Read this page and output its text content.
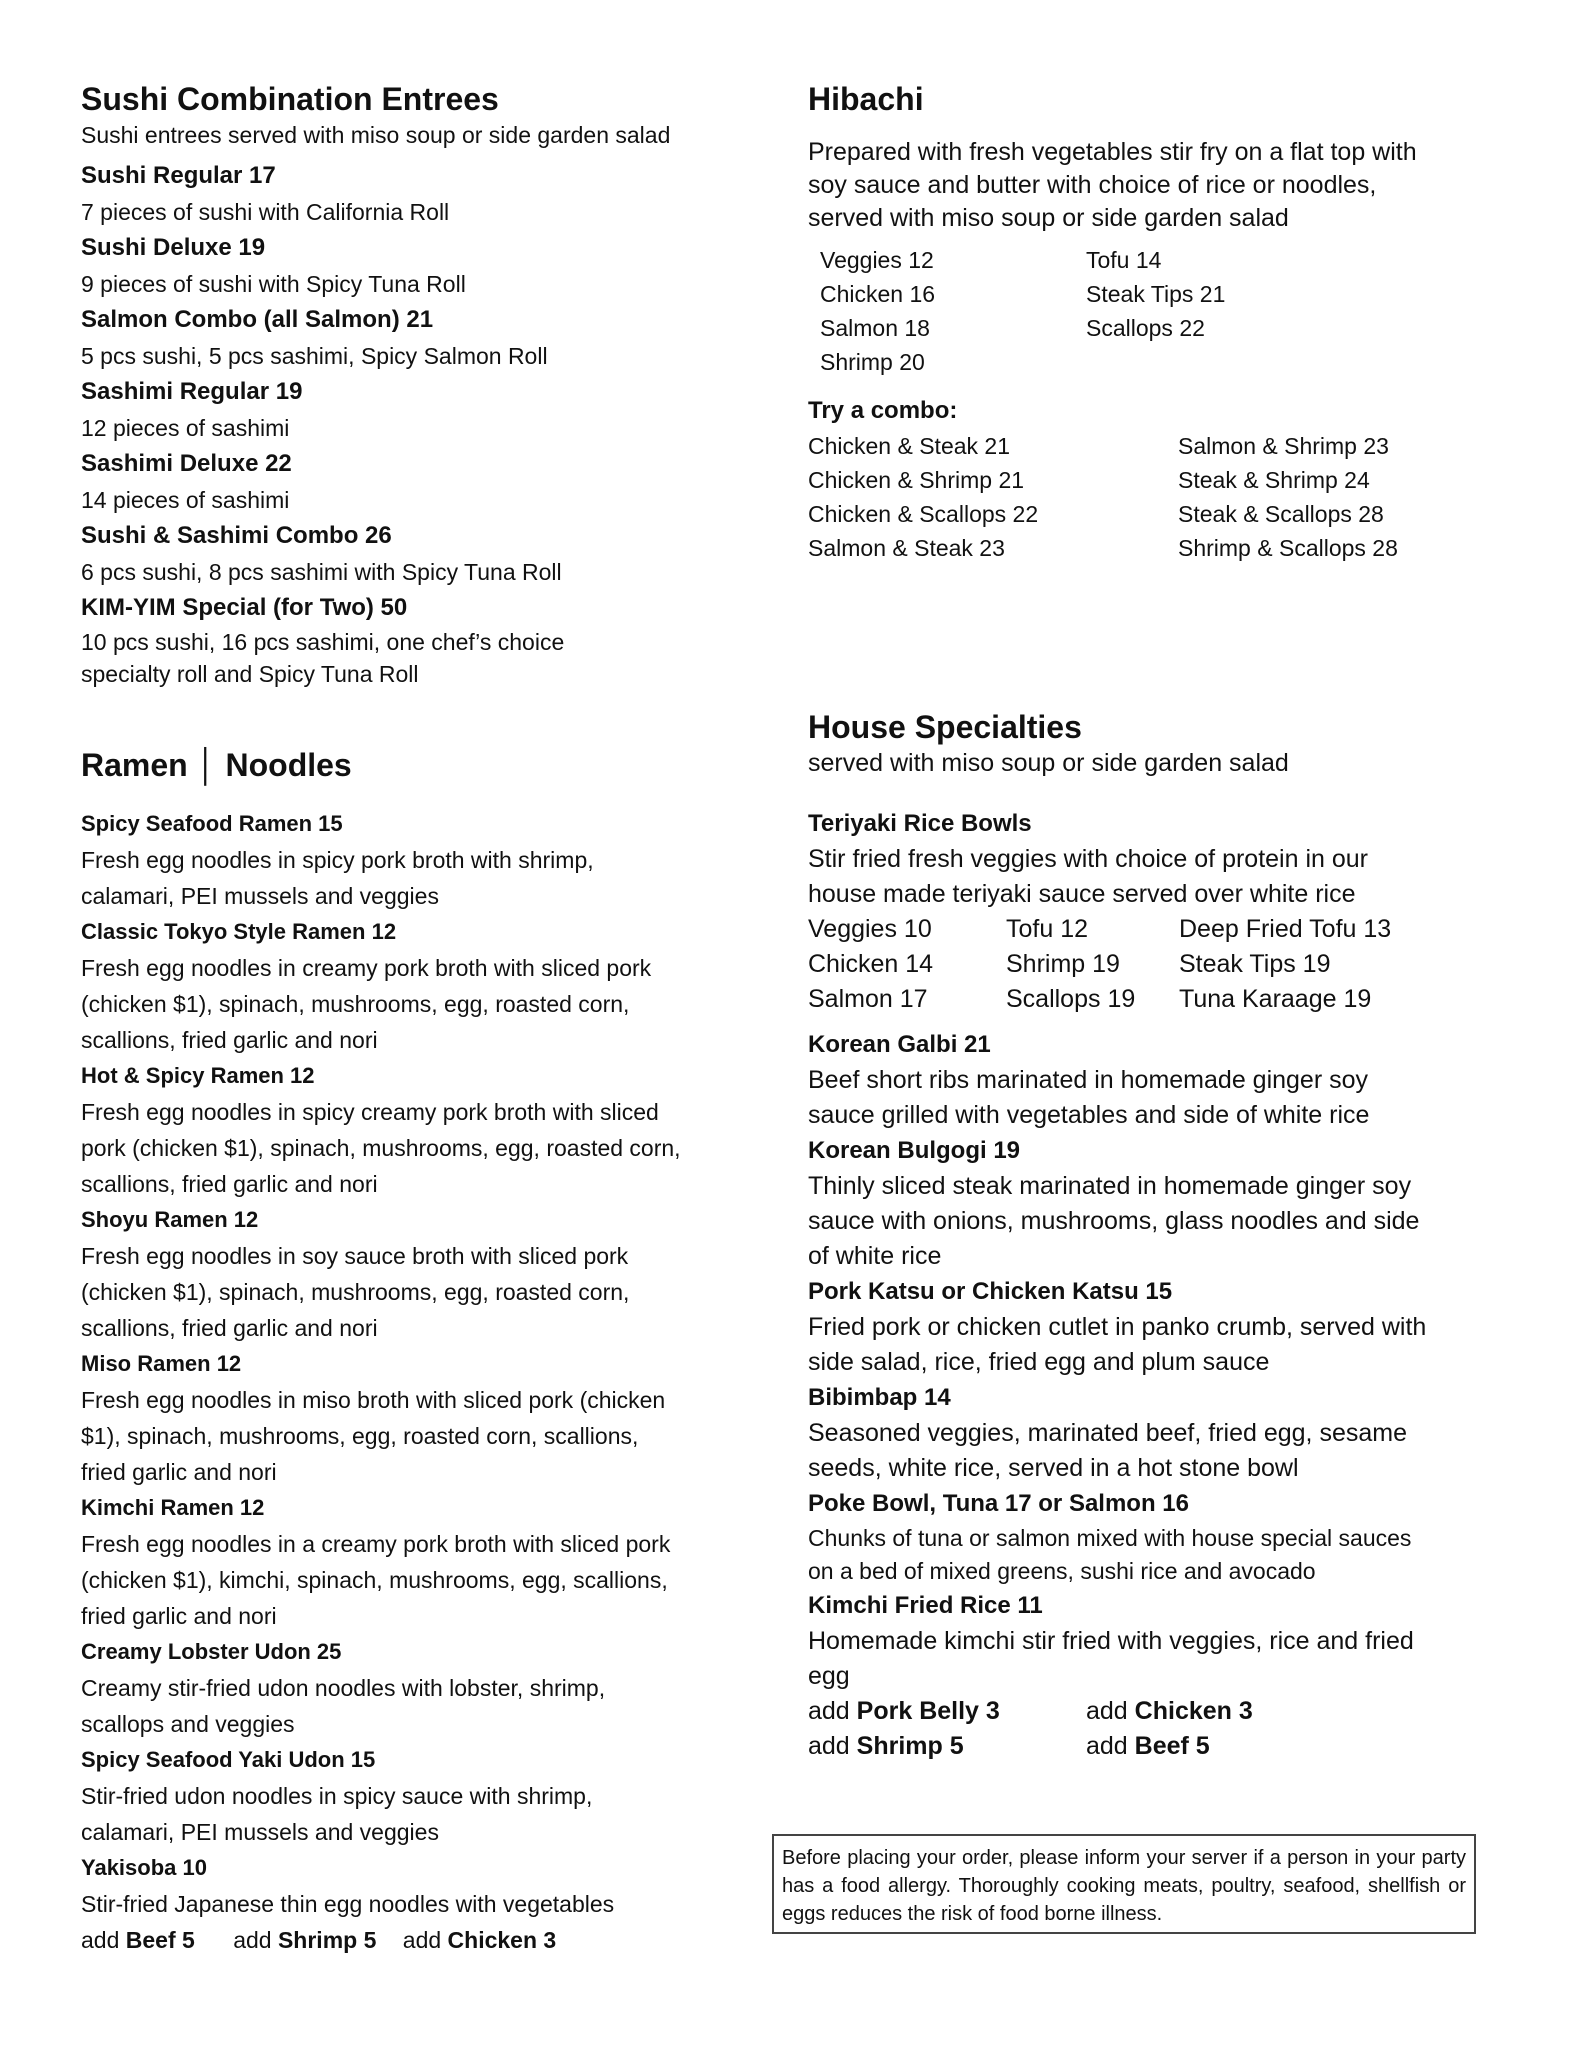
Sushi Combination Entrees
Sushi entrees served with miso soup or side garden salad
Sushi Regular 17
7 pieces of sushi with California Roll
Sushi Deluxe 19
9 pieces of sushi with Spicy Tuna Roll
Salmon Combo (all Salmon) 21
5 pcs sushi, 5 pcs sashimi, Spicy Salmon Roll
Sashimi Regular 19
12 pieces of sashimi
Sashimi Deluxe 22
14 pieces of sashimi
Sushi & Sashimi Combo 26
6 pcs sushi, 8 pcs sashimi with Spicy Tuna Roll
KIM-YIM Special (for Two) 50
10 pcs sushi, 16 pcs sashimi, one chef’s choice specialty roll and Spicy Tuna Roll
Ramen │ Noodles
Spicy Seafood Ramen 15
Fresh egg noodles in spicy pork broth with shrimp, calamari, PEI mussels and veggies
Classic Tokyo Style Ramen 12
Fresh egg noodles in creamy pork broth with sliced pork (chicken $1), spinach, mushrooms, egg, roasted corn, scallions, fried garlic and nori
Hot & Spicy Ramen 12
Fresh egg noodles in spicy creamy pork broth with sliced pork (chicken $1), spinach, mushrooms, egg, roasted corn, scallions, fried garlic and nori
Shoyu Ramen 12
Fresh egg noodles in soy sauce broth with sliced pork (chicken $1), spinach, mushrooms, egg, roasted corn, scallions, fried garlic and nori
Miso Ramen 12
Fresh egg noodles in miso broth with sliced pork (chicken $1), spinach, mushrooms, egg, roasted corn, scallions, fried garlic and nori
Kimchi Ramen 12
Fresh egg noodles in a creamy pork broth with sliced pork (chicken $1), kimchi, spinach, mushrooms, egg, scallions, fried garlic and nori
Creamy Lobster Udon 25
Creamy stir-fried udon noodles with lobster, shrimp, scallops and veggies
Spicy Seafood Yaki Udon 15
Stir-fried udon noodles in spicy sauce with shrimp, calamari, PEI mussels and veggies
Yakisoba 10
Stir-fried Japanese thin egg noodles with vegetables
add Beef 5 add Shrimp 5 add Chicken 3
Hibachi
Prepared with fresh vegetables stir fry on a flat top with soy sauce and butter with choice of rice or noodles, served with miso soup or side garden salad
Veggies 12	Tofu 14
Chicken 16	Steak Tips 21
Salmon 18	Scallops 22
Shrimp 20
Try a combo:
Chicken & Steak 21	Salmon & Shrimp 23
Chicken & Shrimp 21	Steak & Shrimp 24
Chicken & Scallops 22	Steak & Scallops 28
Salmon & Steak 23	Shrimp & Scallops 28
House Specialties
served with miso soup or side garden salad
Teriyaki Rice Bowls
Stir fried fresh veggies with choice of protein in our house made teriyaki sauce served over white rice
Veggies 10	Tofu 12	Deep Fried Tofu 13
Chicken 14	Shrimp 19	Steak Tips 19
Salmon 17	Scallops 19	Tuna Karaage 19
Korean Galbi 21
Beef short ribs marinated in homemade ginger soy sauce grilled with vegetables and side of white rice
Korean Bulgogi 19
Thinly sliced steak marinated in homemade ginger soy sauce with onions, mushrooms, glass noodles and side of white rice
Pork Katsu or Chicken Katsu 15
Fried pork or chicken cutlet in panko crumb, served with side salad, rice, fried egg and plum sauce
Bibimbap 14
Seasoned veggies, marinated beef, fried egg, sesame seeds, white rice, served in a hot stone bowl
Poke Bowl, Tuna 17 or Salmon 16
Chunks of tuna or salmon mixed with house special sauces on a bed of mixed greens, sushi rice and avocado
Kimchi Fried Rice 11
Homemade kimchi stir fried with veggies, rice and fried egg
add Pork Belly 3	add Chicken 3
add Shrimp 5	add Beef 5
Before placing your order, please inform your server if a person in your party has a food allergy. Thoroughly cooking meats, poultry, seafood, shellfish or eggs reduces the risk of food borne illness.
